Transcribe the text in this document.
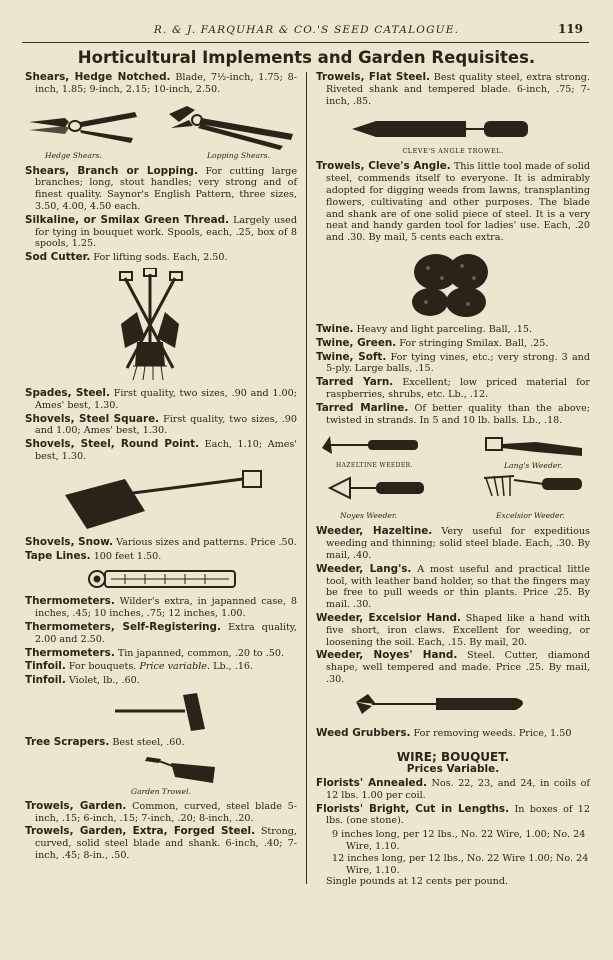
R. & J. FARQUHAR & CO.'S SEED CATALOGUE.	119
Horticultural Implements and Garden Requisites.

Shears, Hedge Notched. Blade, 7½-inch, 1.75; 8-inch, 1.85; 9-inch, 2.15; 10-inch, 2.50.

Hedge Shears.	Lopping Shears.

Shears, Branch or Lopping. For cutting large branches; long, stout handles; very strong and of finest quality. Saynor's English Pattern, three sizes, 3.50, 4.00, 4.50 each.

Silkaline, or Smilax Green Thread. Largely used for tying in bouquet work. Spools, each, .25, box of 8 spools, 1.25.

Sod Cutter. For lifting sods. Each, 2.50.

Spades, Steel. First quality, two sizes, .90 and 1.00; Ames' best, 1.30.

Shovels, Steel Square. First quality, two sizes, .90 and 1.00; Ames' best, 1.30.

Shovels, Steel, Round Point. Each, 1.10; Ames' best, 1.30.

Shovels, Snow. Various sizes and patterns. Price .50.

Tape Lines. 100 feet 1.50.

Thermometers. Wilder's extra, in japanned case, 8 inches, .45; 10 inches, .75; 12 inches, 1.00.

Thermometers, Self-Registering. Extra quality, 2.00 and 2.50.

Thermometers. Tin japanned, common, .20 to .50.

Tinfoil. For bouquets. Price variable. Lb., .16.

Tinfoil. Violet, lb., .60.

Tree Scrapers. Best steel, .60.

Garden Trowel.

Trowels, Garden. Common, curved, steel blade 5-inch, .15; 6-inch, .15; 7-inch, .20; 8-inch, .20.

Trowels, Garden, Extra, Forged Steel. Strong, curved, solid steel blade and shank. 6-inch, .40; 7-inch, .45; 8-in., .50.

Trowels, Flat Steel. Best quality steel, extra strong. Riveted shank and tempered blade. 6-inch, .75; 7-inch, .85.

CLEVE'S ANGLE TROWEL.

Trowels, Cleve's Angle. This little tool made of solid steel, commends itself to everyone. It is admirably adopted for digging weeds from lawns, transplanting flowers, cultivating and other purposes. The blade and shank are of one solid piece of steel. It is a very neat and handy garden tool for ladies' use. Each, .20 and .30. By mail, 5 cents each extra.

Twine. Heavy and light parceling. Ball, .15.

Twine, Green. For stringing Smilax. Ball, .25.

Twine, Soft. For tying vines, etc.; very strong. 3 and 5-ply. Large balls, .15.

Tarred Yarn. Excellent; low priced material for raspberries, shrubs, etc. Lb., .12.

Tarred Marline. Of better quality than the above; twisted in strands. In 5 and 10 lb. balls. Lb., .18.

HAZELTINE WEEDER.	Lang's Weeder.
Noyes Weeder.	Excelsior Weeder.

Weeder, Hazeltine. Very useful for expeditious weeding and thinning; solid steel blade. Each, .30. By mail, .40.

Weeder, Lang's. A most useful and practical little tool, with leather band holder, so that the fingers may be free to pull weeds or thin plants. Price .25. By mail. .30.

Weeder, Excelsior Hand. Shaped like a hand with five short, iron claws. Excellent for weeding, or loosening the soil. Each, .15. By mail, 20.

Weeder, Noyes' Hand. Steel. Cutter, diamond shape, well tempered and made. Price .25. By mail, .30.

Weed Grubbers. For removing weeds. Price, 1.50

WIRE; BOUQUET.
Prices Variable.

Florists' Annealed. Nos. 22, 23, and 24, in coils of 12 lbs. 1.00 per coil.

Florists' Bright, Cut in Lengths. In boxes of 12 lbs. (one stone).

9 inches long, per 12 lbs., No. 22 Wire, 1.00; No. 24 Wire, 1.10.

12 inches long, per 12 lbs., No. 22 Wire 1.00; No. 24 Wire, 1.10.

Single pounds at 12 cents per pound.
